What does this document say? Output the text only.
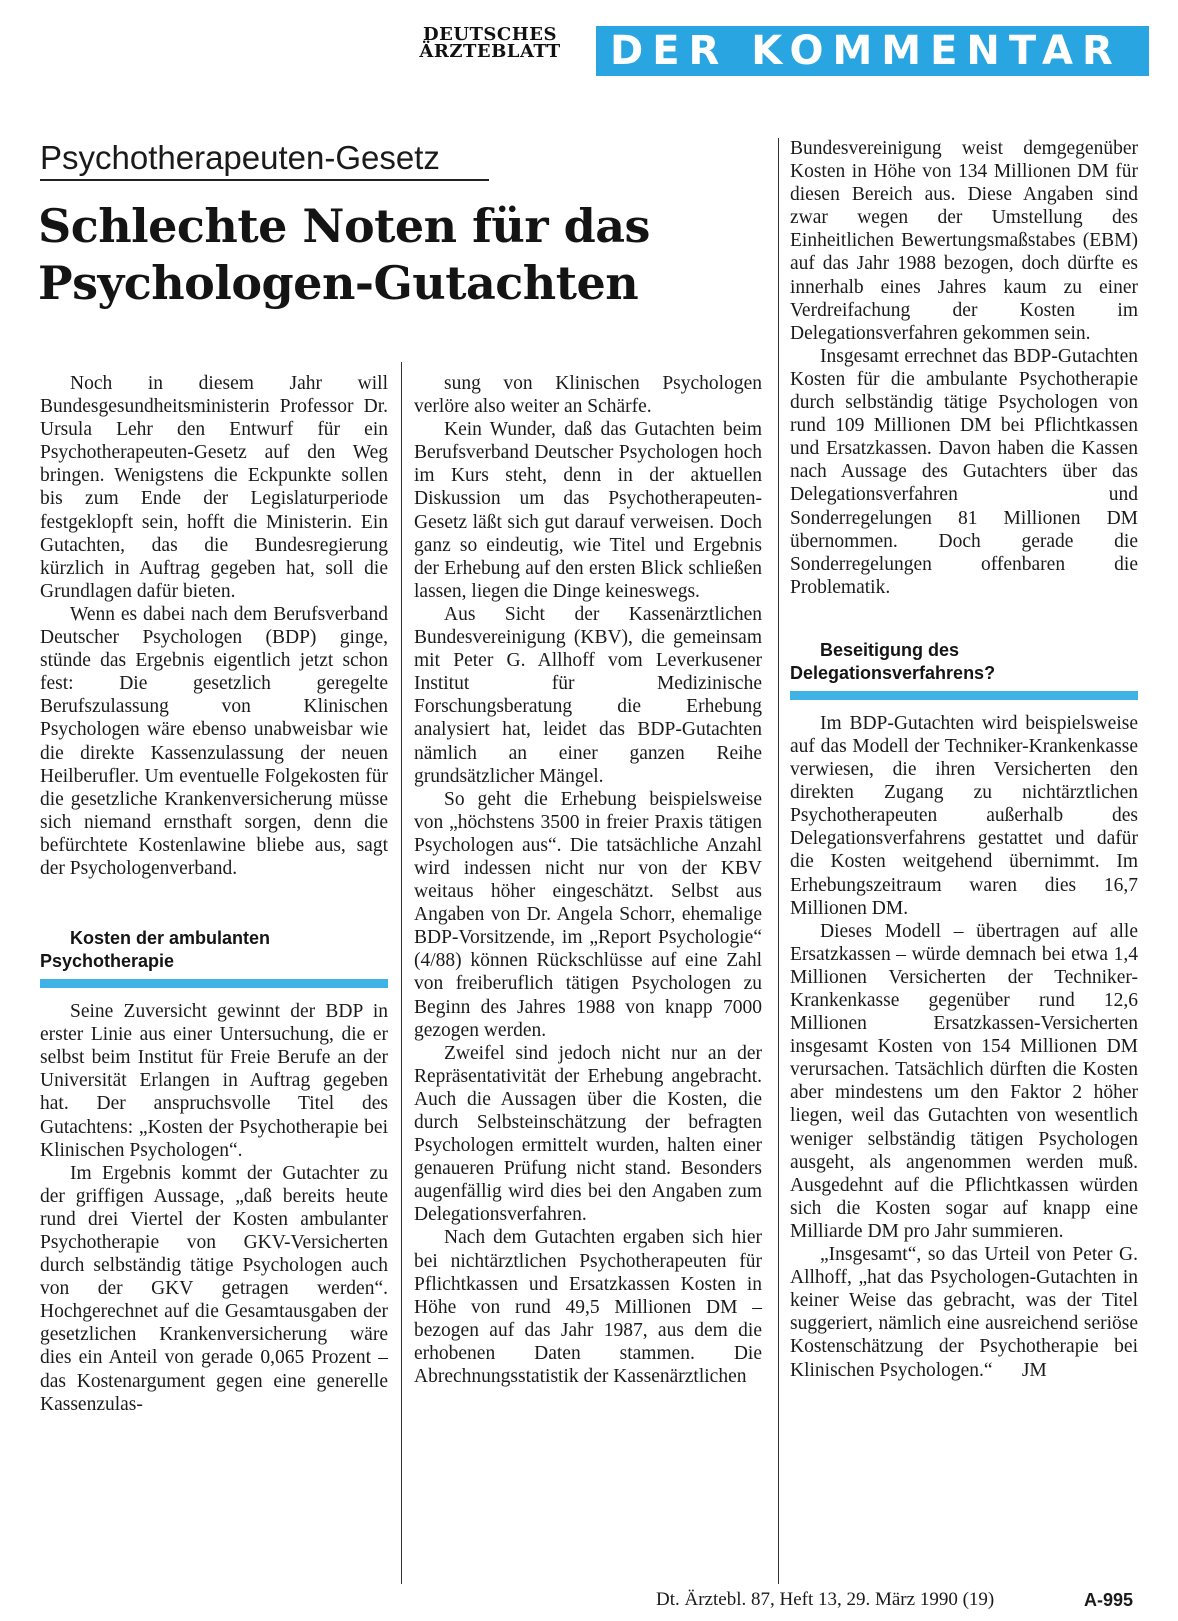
DEUTSCHES
ÄRZTEBLATT	DER KOMMENTAR
Psychotherapeuten-Gesetz
Schlechte Noten für das
Psychologen-Gutachten

Noch in diesem Jahr will Bundesgesundheitsministerin Professor Dr. Ursula Lehr den Entwurf für ein Psychotherapeuten-Gesetz auf den Weg bringen. Wenigstens die Eckpunkte sollen bis zum Ende der Legislaturperiode festgeklopft sein, hofft die Ministerin. Ein Gutachten, das die Bundesregierung kürzlich in Auftrag gegeben hat, soll die Grundlagen dafür bieten.

Wenn es dabei nach dem Berufsverband Deutscher Psychologen (BDP) ginge, stünde das Ergebnis eigentlich jetzt schon fest: Die gesetzlich geregelte Berufszulassung von Klinischen Psychologen wäre ebenso unabweisbar wie die direkte Kassenzulassung der neuen Heilberufler. Um eventuelle Folgekosten für die gesetzliche Krankenversicherung müsse sich niemand ernsthaft sorgen, denn die befürchtete Kostenlawine bliebe aus, sagt der Psychologenverband.

Kosten der ambulanten
Psychotherapie

Seine Zuversicht gewinnt der BDP in erster Linie aus einer Untersuchung, die er selbst beim Institut für Freie Berufe an der Universität Erlangen in Auftrag gegeben hat. Der anspruchsvolle Titel des Gutachtens: „Kosten der Psychotherapie bei Klinischen Psychologen“.

Im Ergebnis kommt der Gutachter zu der griffigen Aussage, „daß bereits heute rund drei Viertel der Kosten ambulanter Psychotherapie von GKV-Versicherten durch selbständig tätige Psychologen auch von der GKV getragen werden“. Hochgerechnet auf die Gesamtausgaben der gesetzlichen Krankenversicherung wäre dies ein Anteil von gerade 0,065 Prozent – das Kostenargument gegen eine generelle Kassenzulas-

sung von Klinischen Psychologen verlöre also weiter an Schärfe.

Kein Wunder, daß das Gutachten beim Berufsverband Deutscher Psychologen hoch im Kurs steht, denn in der aktuellen Diskussion um das Psychotherapeuten-Gesetz läßt sich gut darauf verweisen. Doch ganz so eindeutig, wie Titel und Ergebnis der Erhebung auf den ersten Blick schließen lassen, liegen die Dinge keineswegs.

Aus Sicht der Kassenärztlichen Bundesvereinigung (KBV), die gemeinsam mit Peter G. Allhoff vom Leverkusener Institut für Medizinische Forschungsberatung die Erhebung analysiert hat, leidet das BDP-Gutachten nämlich an einer ganzen Reihe grundsätzlicher Mängel.

So geht die Erhebung beispielsweise von „höchstens 3500 in freier Praxis tätigen Psychologen aus“. Die tatsächliche Anzahl wird indessen nicht nur von der KBV weitaus höher eingeschätzt. Selbst aus Angaben von Dr. Angela Schorr, ehemalige BDP-Vorsitzende, im „Report Psychologie“ (4/88) können Rückschlüsse auf eine Zahl von freiberuflich tätigen Psychologen zu Beginn des Jahres 1988 von knapp 7000 gezogen werden.

Zweifel sind jedoch nicht nur an der Repräsentativität der Erhebung angebracht. Auch die Aussagen über die Kosten, die durch Selbsteinschätzung der befragten Psychologen ermittelt wurden, halten einer genaueren Prüfung nicht stand. Besonders augenfällig wird dies bei den Angaben zum Delegationsverfahren.

Nach dem Gutachten ergaben sich hier bei nichtärztlichen Psychotherapeuten für Pflichtkassen und Ersatzkassen Kosten in Höhe von rund 49,5 Millionen DM – bezogen auf das Jahr 1987, aus dem die erhobenen Daten stammen. Die Abrechnungsstatistik der Kassenärztlichen

Bundesvereinigung weist demgegenüber Kosten in Höhe von 134 Millionen DM für diesen Bereich aus. Diese Angaben sind zwar wegen der Umstellung des Einheitlichen Bewertungsmaßstabes (EBM) auf das Jahr 1988 bezogen, doch dürfte es innerhalb eines Jahres kaum zu einer Verdreifachung der Kosten im Delegationsverfahren gekommen sein.

Insgesamt errechnet das BDP-Gutachten Kosten für die ambulante Psychotherapie durch selbständig tätige Psychologen von rund 109 Millionen DM bei Pflichtkassen und Ersatzkassen. Davon haben die Kassen nach Aussage des Gutachters über das Delegationsverfahren und Sonderregelungen 81 Millionen DM übernommen. Doch gerade die Sonderregelungen offenbaren die Problematik.

Beseitigung des
Delegationsverfahrens?

Im BDP-Gutachten wird beispielsweise auf das Modell der Techniker-Krankenkasse verwiesen, die ihren Versicherten den direkten Zugang zu nichtärztlichen Psychotherapeuten außerhalb des Delegationsverfahrens gestattet und dafür die Kosten weitgehend übernimmt. Im Erhebungszeitraum waren dies 16,7 Millionen DM.

Dieses Modell – übertragen auf alle Ersatzkassen – würde demnach bei etwa 1,4 Millionen Versicherten der Techniker-Krankenkasse gegenüber rund 12,6 Millionen Ersatzkassen-Versicherten insgesamt Kosten von 154 Millionen DM verursachen. Tatsächlich dürften die Kosten aber mindestens um den Faktor 2 höher liegen, weil das Gutachten von wesentlich weniger selbständig tätigen Psychologen ausgeht, als angenommen werden muß. Ausgedehnt auf die Pflichtkassen würden sich die Kosten sogar auf knapp eine Milliarde DM pro Jahr summieren.

„Insgesamt“, so das Urteil von Peter G. Allhoff, „hat das Psychologen-Gutachten in keiner Weise das gebracht, was der Titel suggeriert, nämlich eine ausreichend seriöse Kostenschätzung der Psychotherapie bei Klinischen Psychologen.“ JM

Dt. Ärztebl. 87, Heft 13, 29. März 1990 (19)	A-995
